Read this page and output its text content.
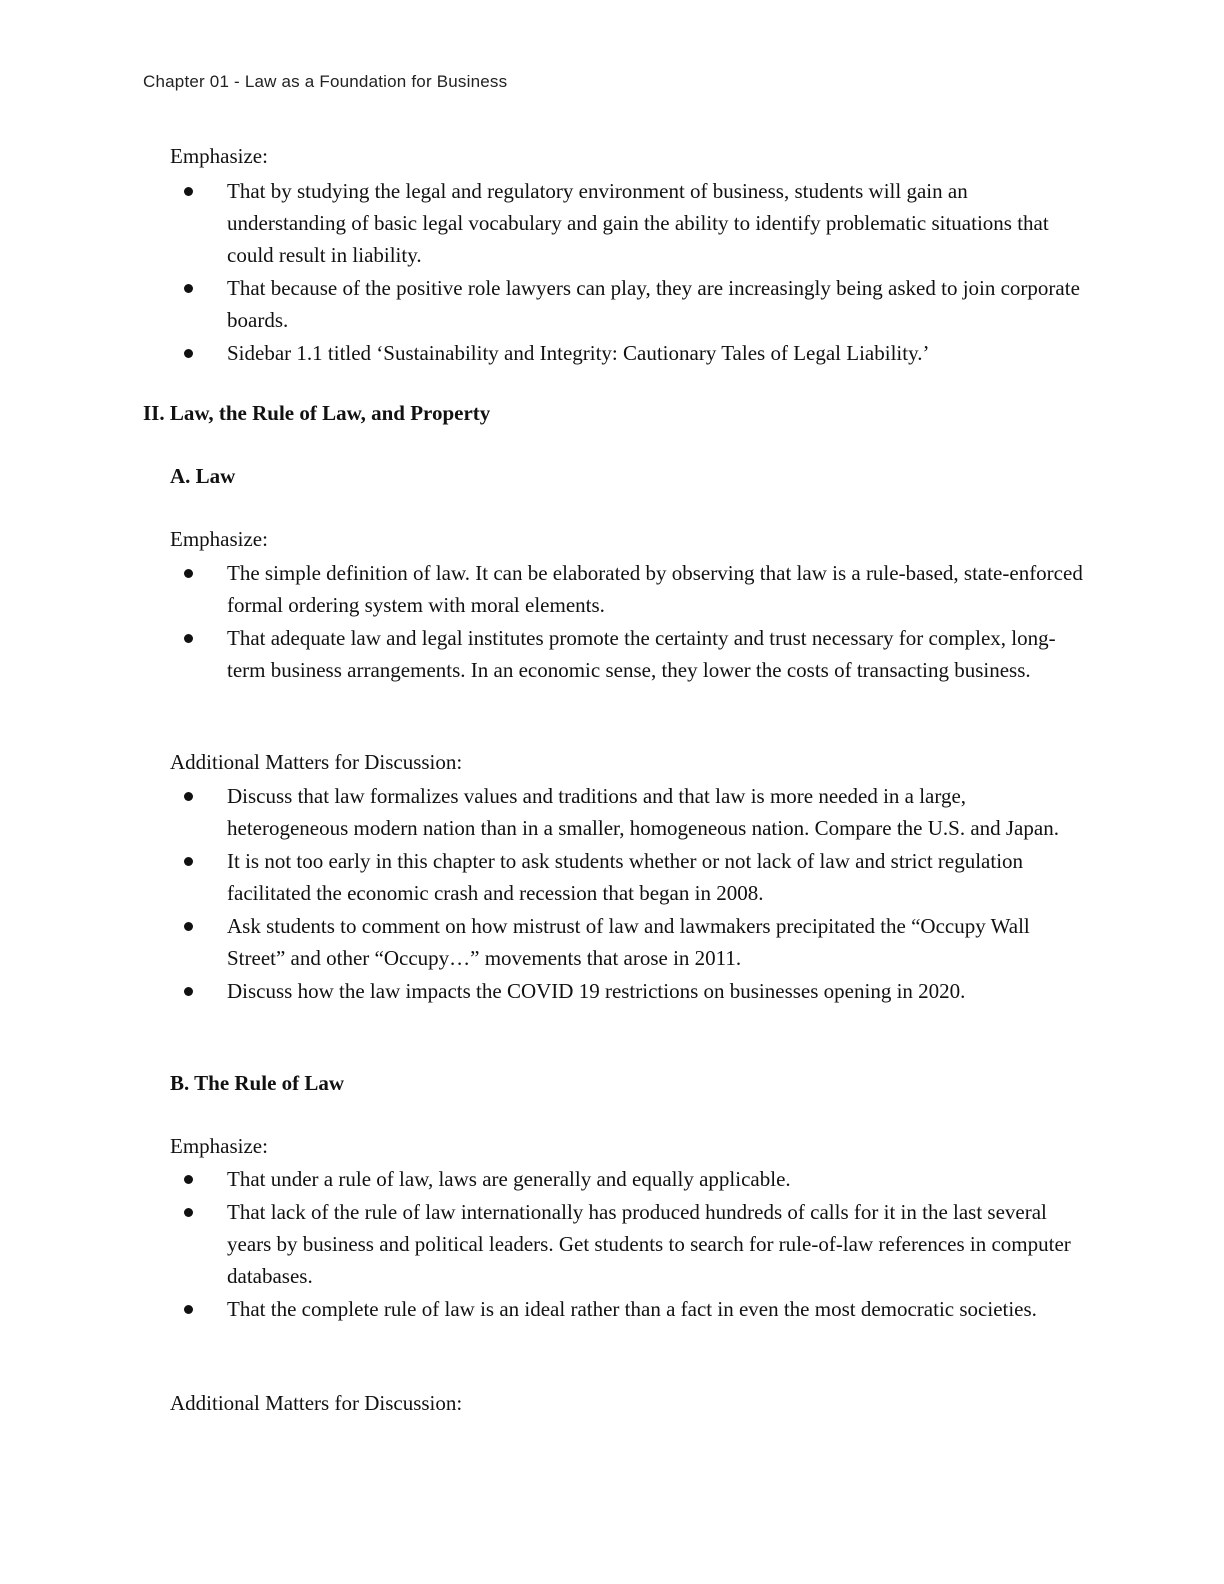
Chapter 01 - Law as a Foundation for Business
Emphasize:
That by studying the legal and regulatory environment of business, students will gain an understanding of basic legal vocabulary and gain the ability to identify problematic situations that could result in liability.
That because of the positive role lawyers can play, they are increasingly being asked to join corporate boards.
Sidebar 1.1 titled ‘Sustainability and Integrity: Cautionary Tales of Legal Liability.’
II. Law, the Rule of Law, and Property
A. Law
Emphasize:
The simple definition of law. It can be elaborated by observing that law is a rule-based, state-enforced formal ordering system with moral elements.
That adequate law and legal institutes promote the certainty and trust necessary for complex, long-term business arrangements. In an economic sense, they lower the costs of transacting business.
Additional Matters for Discussion:
Discuss that law formalizes values and traditions and that law is more needed in a large, heterogeneous modern nation than in a smaller, homogeneous nation. Compare the U.S. and Japan.
It is not too early in this chapter to ask students whether or not lack of law and strict regulation facilitated the economic crash and recession that began in 2008.
Ask students to comment on how mistrust of law and lawmakers precipitated the “Occupy Wall Street” and other “Occupy…” movements that arose in 2011.
Discuss how the law impacts the COVID 19 restrictions on businesses opening in 2020.
B. The Rule of Law
Emphasize:
That under a rule of law, laws are generally and equally applicable.
That lack of the rule of law internationally has produced hundreds of calls for it in the last several years by business and political leaders. Get students to search for rule-of-law references in computer databases.
That the complete rule of law is an ideal rather than a fact in even the most democratic societies.
Additional Matters for Discussion:
